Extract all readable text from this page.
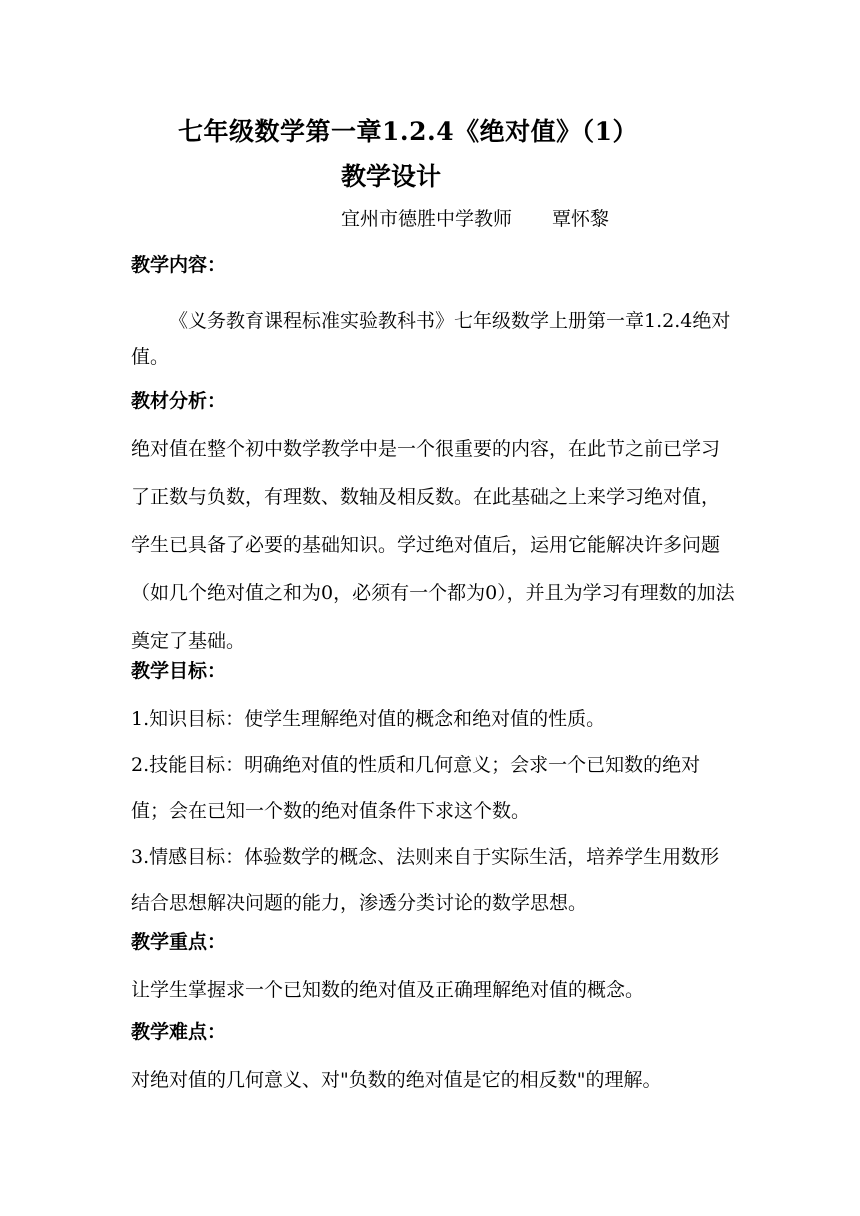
七年级数学第一章1.2.4《绝对值》（1）
教学设计
宜州市德胜中学教师 覃怀黎
教学内容：
《义务教育课程标准实验教科书》七年级数学上册第一章1.2.4绝对
值。
教材分析：
绝对值在整个初中数学教学中是一个很重要的内容，在此节之前已学习
了正数与负数，有理数、数轴及相反数。在此基础之上来学习绝对值，
学生已具备了必要的基础知识。学过绝对值后，运用它能解决许多问题
（如几个绝对值之和为0，必须有一个都为0），并且为学习有理数的加法
奠定了基础。
教学目标：
1.知识目标：使学生理解绝对值的概念和绝对值的性质。
2.技能目标：明确绝对值的性质和几何意义；会求一个已知数的绝对
值；会在已知一个数的绝对值条件下求这个数。
3.情感目标：体验数学的概念、法则来自于实际生活，培养学生用数形
结合思想解决问题的能力，渗透分类讨论的数学思想。
教学重点：
让学生掌握求一个已知数的绝对值及正确理解绝对值的概念。
教学难点：
对绝对值的几何意义、对"负数的绝对值是它的相反数"的理解。
